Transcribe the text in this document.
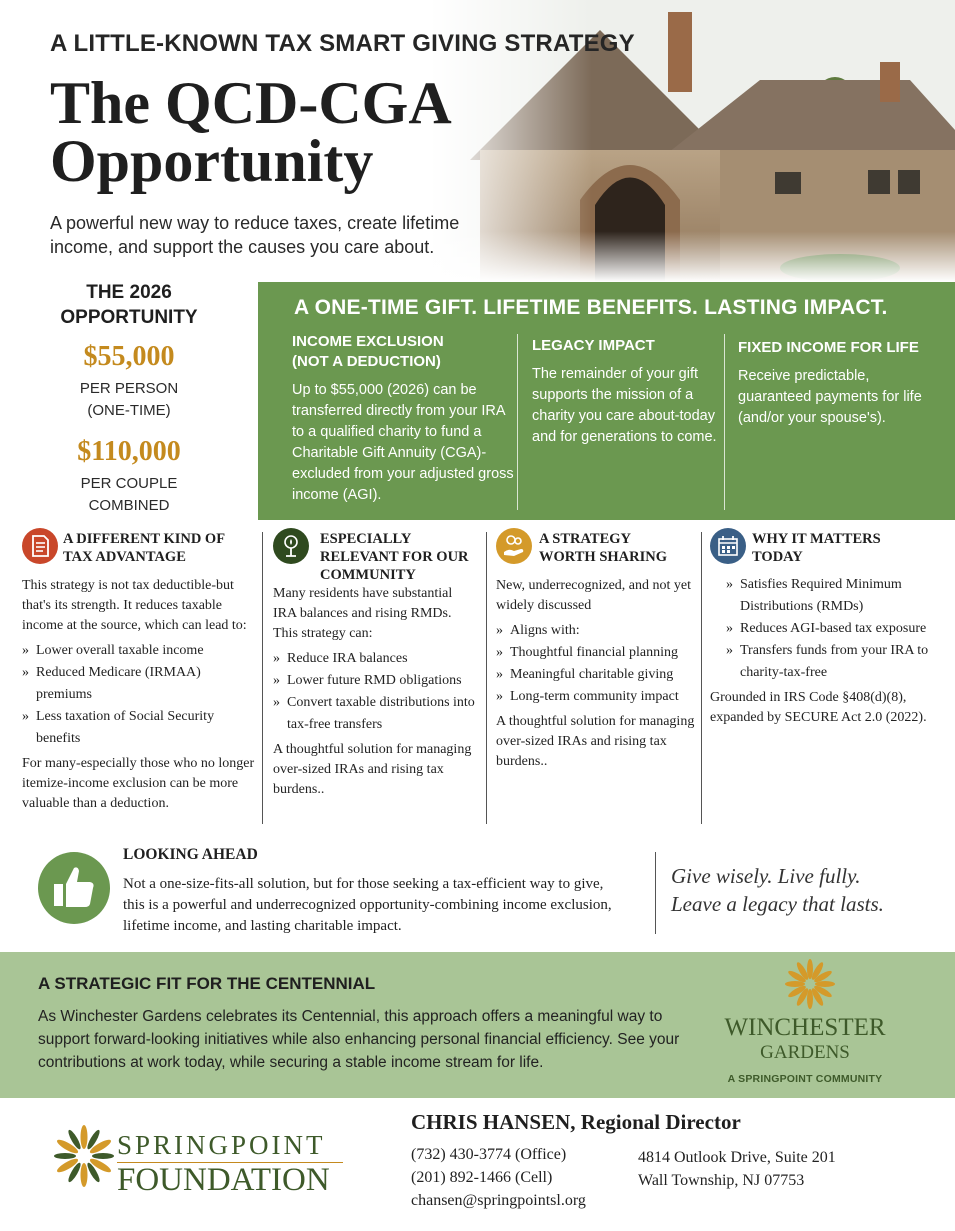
A LITTLE-KNOWN TAX SMART GIVING STRATEGY
The QCD-CGA
Opportunity

A powerful new way to reduce taxes, create lifetime income, and support the causes you care about.

THE 2026
OPPORTUNITY
$55,000
PER PERSON
(ONE-TIME)
$110,000
PER COUPLE
COMBINED
A ONE-TIME GIFT. LIFETIME BENEFITS. LASTING IMPACT.
INCOME EXCLUSION
(NOT A DEDUCTION)
Up to $55,000 (2026) can be transferred directly from your IRA to a qualified charity to fund a Charitable Gift Annuity (CGA)-excluded from your adjusted gross income (AGI).
LEGACY IMPACT
The remainder of your gift supports the mission of a charity you care about-today and for generations to come.
FIXED INCOME FOR LIFE
Receive predictable, guaranteed payments for life (and/or your spouse's).
A DIFFERENT KIND OF
TAX ADVANTAGE

This strategy is not tax deductible-but that's its strength. It reduces taxable income at the source, which can lead to:

» Lower overall taxable income
» Reduced Medicare (IRMAA) premiums
» Less taxation of Social Security benefits

For many-especially those who no longer itemize-income exclusion can be more valuable than a deduction.

ESPECIALLY
RELEVANT FOR OUR
COMMUNITY

Many residents have substantial IRA balances and rising RMDs. This strategy can:

» Reduce IRA balances
» Lower future RMD obligations
» Convert taxable distributions into tax-free transfers

A thoughtful solution for managing over-sized IRAs and rising tax burdens..

A STRATEGY
WORTH SHARING

New, underrecognized, and not yet widely discussed

» Aligns with:
» Thoughtful financial planning
» Meaningful charitable giving
» Long-term community impact

A thoughtful solution for managing over-sized IRAs and rising tax burdens..

WHY IT MATTERS
TODAY
» Satisfies Required Minimum Distributions (RMDs)
» Reduces AGI-based tax exposure
» Transfers funds from your IRA to charity-tax-free

Grounded in IRS Code §408(d)(8), expanded by SECURE Act 2.0 (2022).

LOOKING AHEAD

Not a one-size-fits-all solution, but for those seeking a tax-efficient way to give, this is a powerful and underrecognized opportunity-combining income exclusion, lifetime income, and lasting charitable impact.

Give wisely. Live fully.
Leave a legacy that lasts.
A STRATEGIC FIT FOR THE CENTENNIAL

As Winchester Gardens celebrates its Centennial, this approach offers a meaningful way to support forward-looking initiatives while also enhancing personal financial efficiency. See your contributions at work today, while securing a stable income stream for life.

WINCHESTER
GARDENS
A SPRINGPOINT COMMUNITY
SPRINGPOINT
FOUNDATION
CHRIS HANSEN, Regional Director
(732) 430-3774 (Office)
(201) 892-1466 (Cell)
chansen@springpointsl.org
4814 Outlook Drive, Suite 201
Wall Township, NJ 07753
